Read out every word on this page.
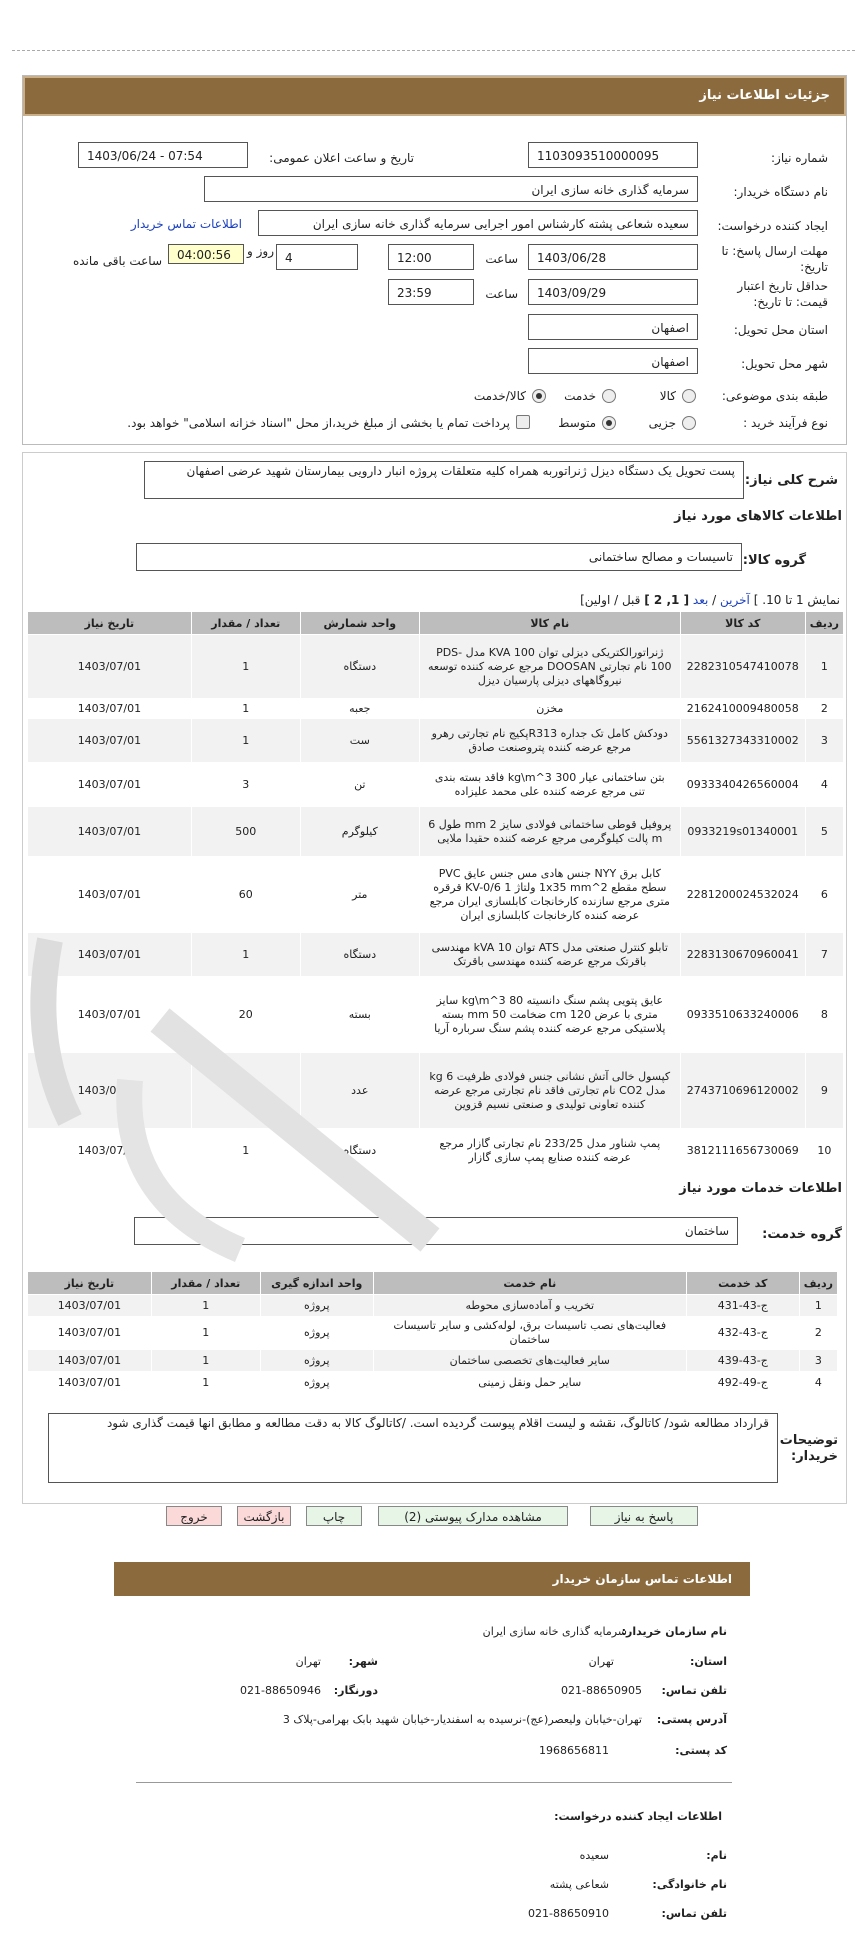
جزئیات اطلاعات نیاز
شماره نیاز:
1103093510000095
تاریخ و ساعت اعلان عمومی:
1403/06/24 - 07:54
نام دستگاه خریدار:
سرمایه گذاری خانه سازی ایران
ایجاد کننده درخواست:
سعیده شعاعی پشته کارشناس امور اجرایی سرمایه گذاری خانه سازی ایران
اطلاعات تماس خریدار
مهلت ارسال پاسخ: تا
تاریخ:
1403/06/28
ساعت
12:00
4
روز و
04:00:56
ساعت باقی مانده
حداقل تاریخ اعتبار
قیمت: تا تاریخ:
1403/09/29
ساعت
23:59
استان محل تحویل:
اصفهان
شهر محل تحویل:
اصفهان
طبقه بندی موضوعی:
کالا
خدمت
کالا/خدمت
نوع فرآیند خرید :
جزیی
متوسط
پرداخت تمام یا بخشی از مبلغ خرید،از محل "اسناد خزانه اسلامی" خواهد بود.
شرح کلی نیاز:
پست تحویل یک دستگاه دیزل ژنراتوربه همراه کلیه متعلقات پروژه انبار دارویی بیمارستان شهید عرضی اصفهان
اطلاعات کالاهای مورد نیاز
گروه کالا:
تاسیسات و مصالح ساختمانی
نمایش 1 تا 10. ] آخرین / بعد [ 1, 2 ] قبل / اولین]
ردیف	کد کالا	نام کالا	واحد شمارش	تعداد / مقدار	تاریخ نیاز
1	2282310547410078	ژنراتورالکتریکی دیزلی توان 100 KVA مدل PDS-100 نام تجارتی DOOSAN مرجع عرضه کننده توسعه نیروگاههای دیزلی پارسیان دیزل	دستگاه	1	1403/07/01
2	2162410009480058	مخزن	جعبه	1	1403/07/01
3	5561327343310002	دودکش کامل تک جداره R313پکیج نام تجارتی رهرو مرجع عرضه کننده پتروصنعت صادق	ست	1	1403/07/01
4	0933340426560004	بتن ساختمانی عیار 300 kg\m^3 فاقد بسته بندی تنی مرجع عرضه کننده علی محمد علیزاده	تن	3	1403/07/01
5	0933219s01340001	پروفیل قوطی ساختمانی فولادی سایز 2 mm طول 6 m پالت کیلوگرمی مرجع عرضه کننده حقیدا ملایی	کیلوگرم	500	1403/07/01
6	2281200024532024	کابل برق NYY جنس هادی مس جنس عایق PVC سطح مقطع 1x35 mm^2 ولتاژ 1 KV-0/6 قرقره متری مرجع سازنده کارخانجات کابلسازی ایران مرجع عرضه کننده کارخانجات کابلسازی ایران	متر	60	1403/07/01
7	2283130670960041	تابلو کنترل صنعتی مدل ATS توان 10 kVA مهندسی باقرتک مرجع عرضه کننده مهندسی باقرتک	دستگاه	1	1403/07/01
8	0933510633240006	عایق پتویی پشم سنگ دانسیته 80 kg\m^3 سایز متری با عرض 120 cm ضخامت 50 mm بسته پلاستیکی مرجع عرضه کننده پشم سنگ سرباره آریا	بسته	20	1403/07/01
9	2743710696120002	کپسول خالی آتش نشانی جنس فولادی ظرفیت 6 kg مدل CO2 نام تجارتی فاقد نام تجارتی مرجع عرضه کننده تعاونی تولیدی و صنعتی نسیم قزوین	عدد	1	1403/07/01
10	3812111656730069	پمپ شناور مدل 233/25 نام تجارتی گازار مرجع عرضه کننده صنایع پمپ سازی گازار	دستگاه	1	1403/07/01
اطلاعات خدمات مورد نیاز
گروه خدمت:
ساختمان
ردیف	کد خدمت	نام خدمت	واحد اندازه گیری	تعداد / مقدار	تاریخ نیاز
1	ج-43-431	تخریب و آماده‌سازی محوطه	پروژه	1	1403/07/01
2	ج-43-432	فعالیت‌های نصب تاسیسات برق، لوله‌کشی و سایر تاسیسات ساختمان	پروژه	1	1403/07/01
3	ج-43-439	سایر فعالیت‌های تخصصی ساختمان	پروژه	1	1403/07/01
4	ج-49-492	سایر حمل ونقل زمینی	پروژه	1	1403/07/01
توضیحات
خریدار:
قرارداد مطالعه شود/ کاتالوگ، نقشه و لیست اقلام پیوست گردیده است. /کاتالوگ کالا به دقت مطالعه و مطابق انها قیمت گذاری شود
پاسخ به نیاز
مشاهده مدارک پیوستی (2)
چاپ
بازگشت
خروج
اطلاعات تماس سازمان خریدار
نام سازمان خریدار:
سرمایه گذاری خانه سازی ایران
استان:
تهران
شهر:
تهران
تلفن تماس:
021-88650905
دورنگار:
021-88650946
آدرس پستی:
تهران-خیابان ولیعصر(عج)-نرسیده به اسفندیار-خیابان شهید بابک بهرامی-پلاک 3
کد پستی:
1968656811
اطلاعات ایجاد کننده درخواست:
نام:
سعیده
نام خانوادگی:
شعاعی پشته
تلفن تماس:
021-88650910
